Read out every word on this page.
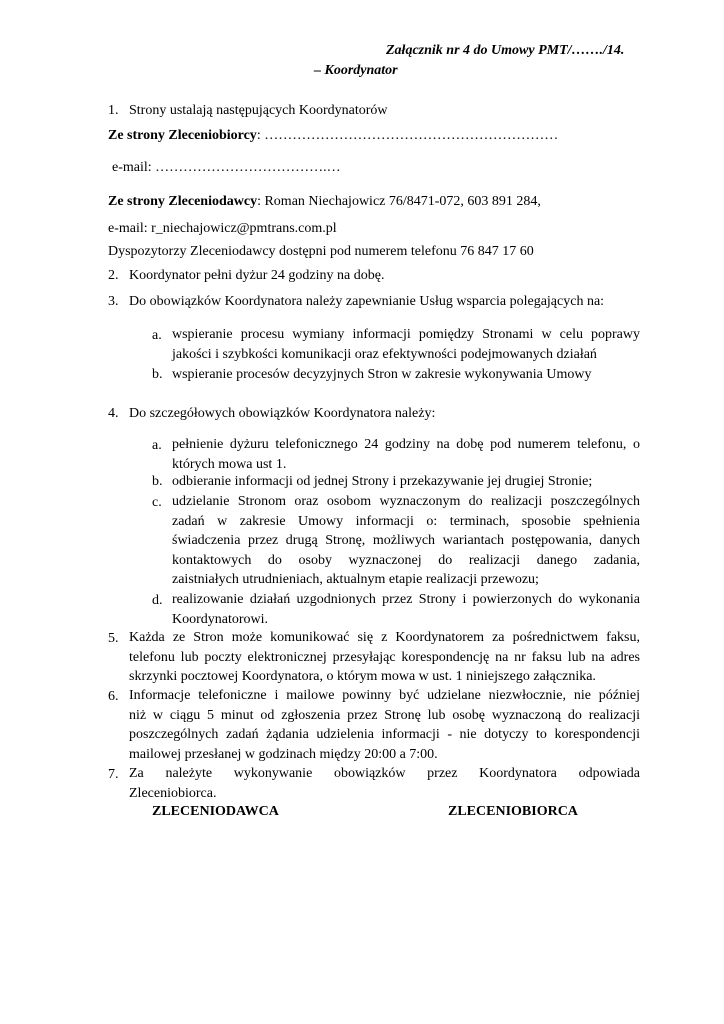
Załącznik nr 4 do Umowy PMT/……./14.
– Koordynator
1. Strony ustalają następujących Koordynatorów
Ze strony Zleceniobiorcy: ………………………………………………………
e-mail: ……………………………….…
Ze strony Zleceniodawcy: Roman Niechajowicz 76/8471-072, 603 891 284,
e-mail: r_niechajowicz@pmtrans.com.pl
Dyspozytorzy Zleceniodawcy dostępni pod numerem telefonu 76 847 17 60
2. Koordynator pełni dyżur 24 godziny na dobę.
3. Do obowiązków Koordynatora należy zapewnianie Usług wsparcia polegających na:
a. wspieranie procesu wymiany informacji pomiędzy Stronami w celu poprawy
jakości i szybkości komunikacji oraz efektywności podejmowanych działań
b. wspieranie procesów decyzyjnych Stron w zakresie wykonywania Umowy
4. Do szczegółowych obowiązków Koordynatora należy:
a. pełnienie dyżuru telefonicznego 24 godziny na dobę pod numerem telefonu, o
których mowa ust 1.
b. odbieranie informacji od jednej Strony i przekazywanie jej drugiej Stronie;
c. udzielanie Stronom oraz osobom wyznaczonym do realizacji poszczególnych
zadań w zakresie Umowy informacji o: terminach, sposobie spełnienia
świadczenia przez drugą Stronę, możliwych wariantach postępowania, danych
kontaktowych do osoby wyznaczonej do realizacji danego zadania,
zaistniałych utrudnieniach, aktualnym etapie realizacji przewozu;
d. realizowanie działań uzgodnionych przez Strony i powierzonych do wykonania
Koordynatorowi.
5. Każda ze Stron może komunikować się z Koordynatorem za pośrednictwem faksu,
telefonu lub poczty elektronicznej przesyłając korespondencję na nr faksu lub na adres
skrzynki pocztowej Koordynatora, o którym mowa w ust. 1 niniejszego załącznika.
6. Informacje telefoniczne i mailowe powinny być udzielane niezwłocznie, nie później
niż w ciągu 5 minut od zgłoszenia przez Stronę lub osobę wyznaczoną do realizacji
poszczególnych zadań żądania udzielenia informacji - nie dotyczy to korespondencji
mailowej przesłanej w godzinach między 20:00 a 7:00.
7. Za należyte wykonywanie obowiązków przez Koordynatora odpowiada
Zleceniobiorca.
ZLECENIODAWCA	ZLECENIOBIORCA
